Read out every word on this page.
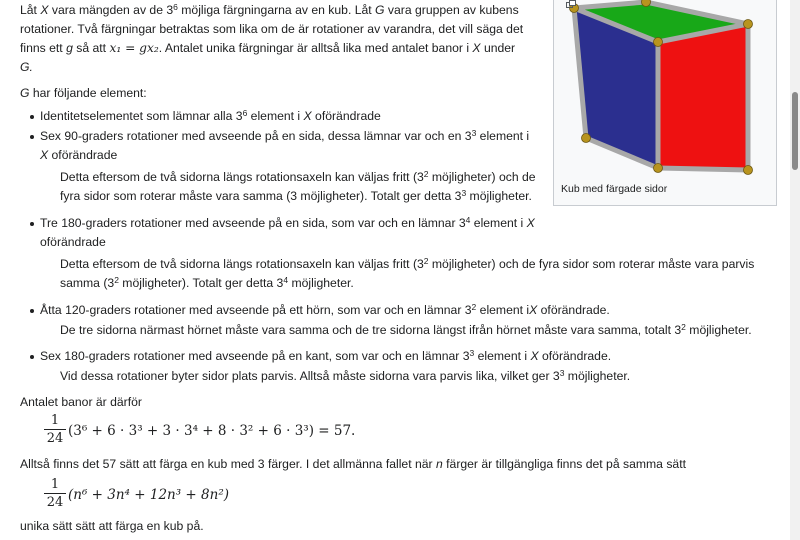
Låt X vara mängden av de $3^6$ möjliga färgningarna av en kub. Låt G vara gruppen av kubens
rotationer. Två färgningar betraktas som lika om de är rotationer av varandra, det vill säga det
finns ett g så att x₁ = gx₂. Antalet unika färgningar är alltså lika med antalet banor i X under
G.
G har följande element:
Identitetselementet som lämnar alla $3^6$ element i X oförändrade
Sex 90-graders rotationer med avseende på en sida, dessa lämnar var och en $3^3$ element i
X oförändrade
Detta eftersom de två sidorna längs rotationsaxeln kan väljas fritt ($3^2$ möjligheter) och de
fyra sidor som roterar måste vara samma (3 möjligheter). Totalt ger detta $3^3$ möjligheter.
Tre 180-graders rotationer med avseende på en sida, som var och en lämnar $3^4$ element i X
oförändrade
Detta eftersom de två sidorna längs rotationsaxeln kan väljas fritt ($3^2$ möjligheter) och de fyra sidor som roterar måste vara parvis
samma ($3^2$ möjligheter). Totalt ger detta $3^4$ möjligheter.
Åtta 120-graders rotationer med avseende på ett hörn, som var och en lämnar $3^2$ element iX oförändrade.
De tre sidorna närmast hörnet måste vara samma och de tre sidorna längst ifrån hörnet måste vara samma, totalt $3^2$ möjligheter.
Sex 180-graders rotationer med avseende på en kant, som var och en lämnar $3^3$ element i X oförändrade.
Vid dessa rotationer byter sidor plats parvis. Alltså måste sidorna vara parvis lika, vilket ger $3^3$ möjligheter.
Antalet banor är därför
1
24 (3⁶ + 6 · 3³ + 3 · 3⁴ + 8 · 3² + 6 · 3³) = 57.
Alltså finns det 57 sätt att färga en kub med 3 färger. I det allmänna fallet när n färger är tillgängliga finns det på samma sätt
1
24 (n⁶ + 3n⁴ + 12n³ + 8n²)
unika sätt sätt att färga en kub på.
Kub med färgade sidor
